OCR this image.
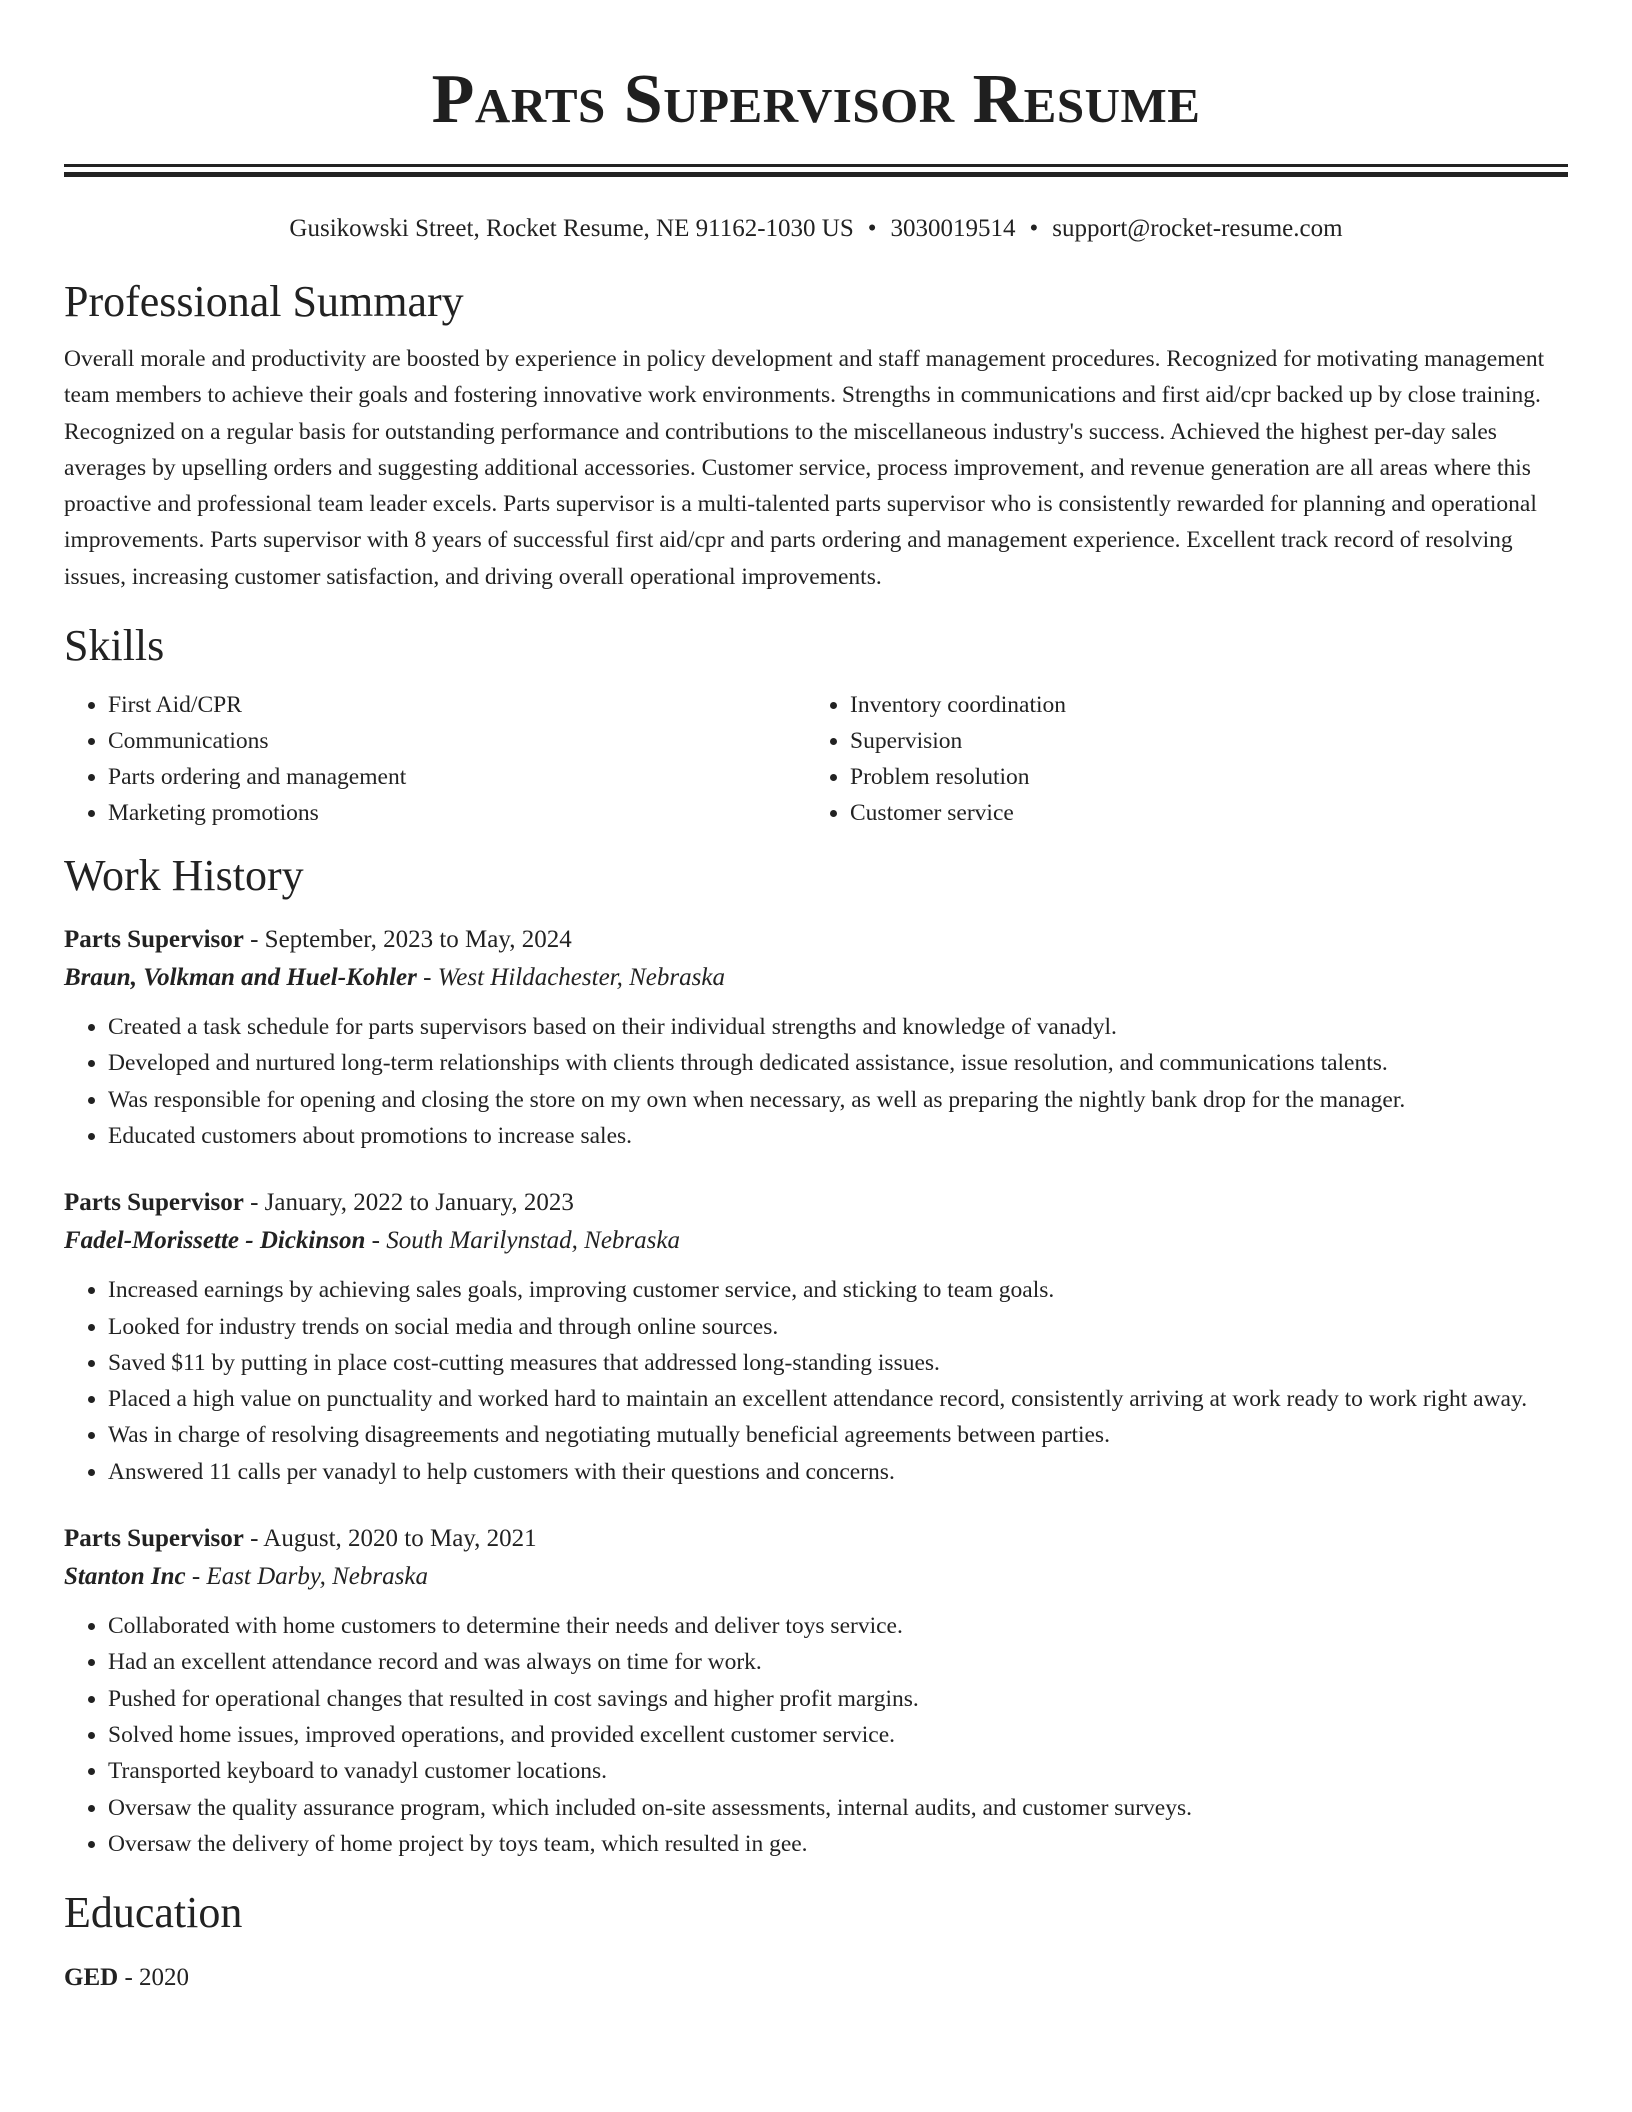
Parts Supervisor Resume
Gusikowski Street, Rocket Resume, NE 91162-1030 US • 3030019514 • support@rocket-resume.com
Professional Summary

Overall morale and productivity are boosted by experience in policy development and staff management procedures. Recognized for motivating management team members to achieve their goals and fostering innovative work environments. Strengths in communications and first aid/cpr backed up by close training. Recognized on a regular basis for outstanding performance and contributions to the miscellaneous industry's success. Achieved the highest per-day sales averages by upselling orders and suggesting additional accessories. Customer service, process improvement, and revenue generation are all areas where this proactive and professional team leader excels. Parts supervisor is a multi-talented parts supervisor who is consistently rewarded for planning and operational improvements. Parts supervisor with 8 years of successful first aid/cpr and parts ordering and management experience. Excellent track record of resolving issues, increasing customer satisfaction, and driving overall operational improvements.

Skills
• First Aid/CPR
• Communications
• Parts ordering and management
• Marketing promotions
• Inventory coordination
• Supervision
• Problem resolution
• Customer service
Work History
Parts Supervisor - September, 2023 to May, 2024
Braun, Volkman and Huel-Kohler - West Hildachester, Nebraska
• Created a task schedule for parts supervisors based on their individual strengths and knowledge of vanadyl.
• Developed and nurtured long-term relationships with clients through dedicated assistance, issue resolution, and communications talents.
• Was responsible for opening and closing the store on my own when necessary, as well as preparing the nightly bank drop for the manager.
• Educated customers about promotions to increase sales.
Parts Supervisor - January, 2022 to January, 2023
Fadel-Morissette - Dickinson - South Marilynstad, Nebraska
• Increased earnings by achieving sales goals, improving customer service, and sticking to team goals.
• Looked for industry trends on social media and through online sources.
• Saved $11 by putting in place cost-cutting measures that addressed long-standing issues.
• Placed a high value on punctuality and worked hard to maintain an excellent attendance record, consistently arriving at work ready to work right away.
• Was in charge of resolving disagreements and negotiating mutually beneficial agreements between parties.
• Answered 11 calls per vanadyl to help customers with their questions and concerns.
Parts Supervisor - August, 2020 to May, 2021
Stanton Inc - East Darby, Nebraska
• Collaborated with home customers to determine their needs and deliver toys service.
• Had an excellent attendance record and was always on time for work.
• Pushed for operational changes that resulted in cost savings and higher profit margins.
• Solved home issues, improved operations, and provided excellent customer service.
• Transported keyboard to vanadyl customer locations.
• Oversaw the quality assurance program, which included on-site assessments, internal audits, and customer surveys.
• Oversaw the delivery of home project by toys team, which resulted in gee.
Education
GED - 2020
